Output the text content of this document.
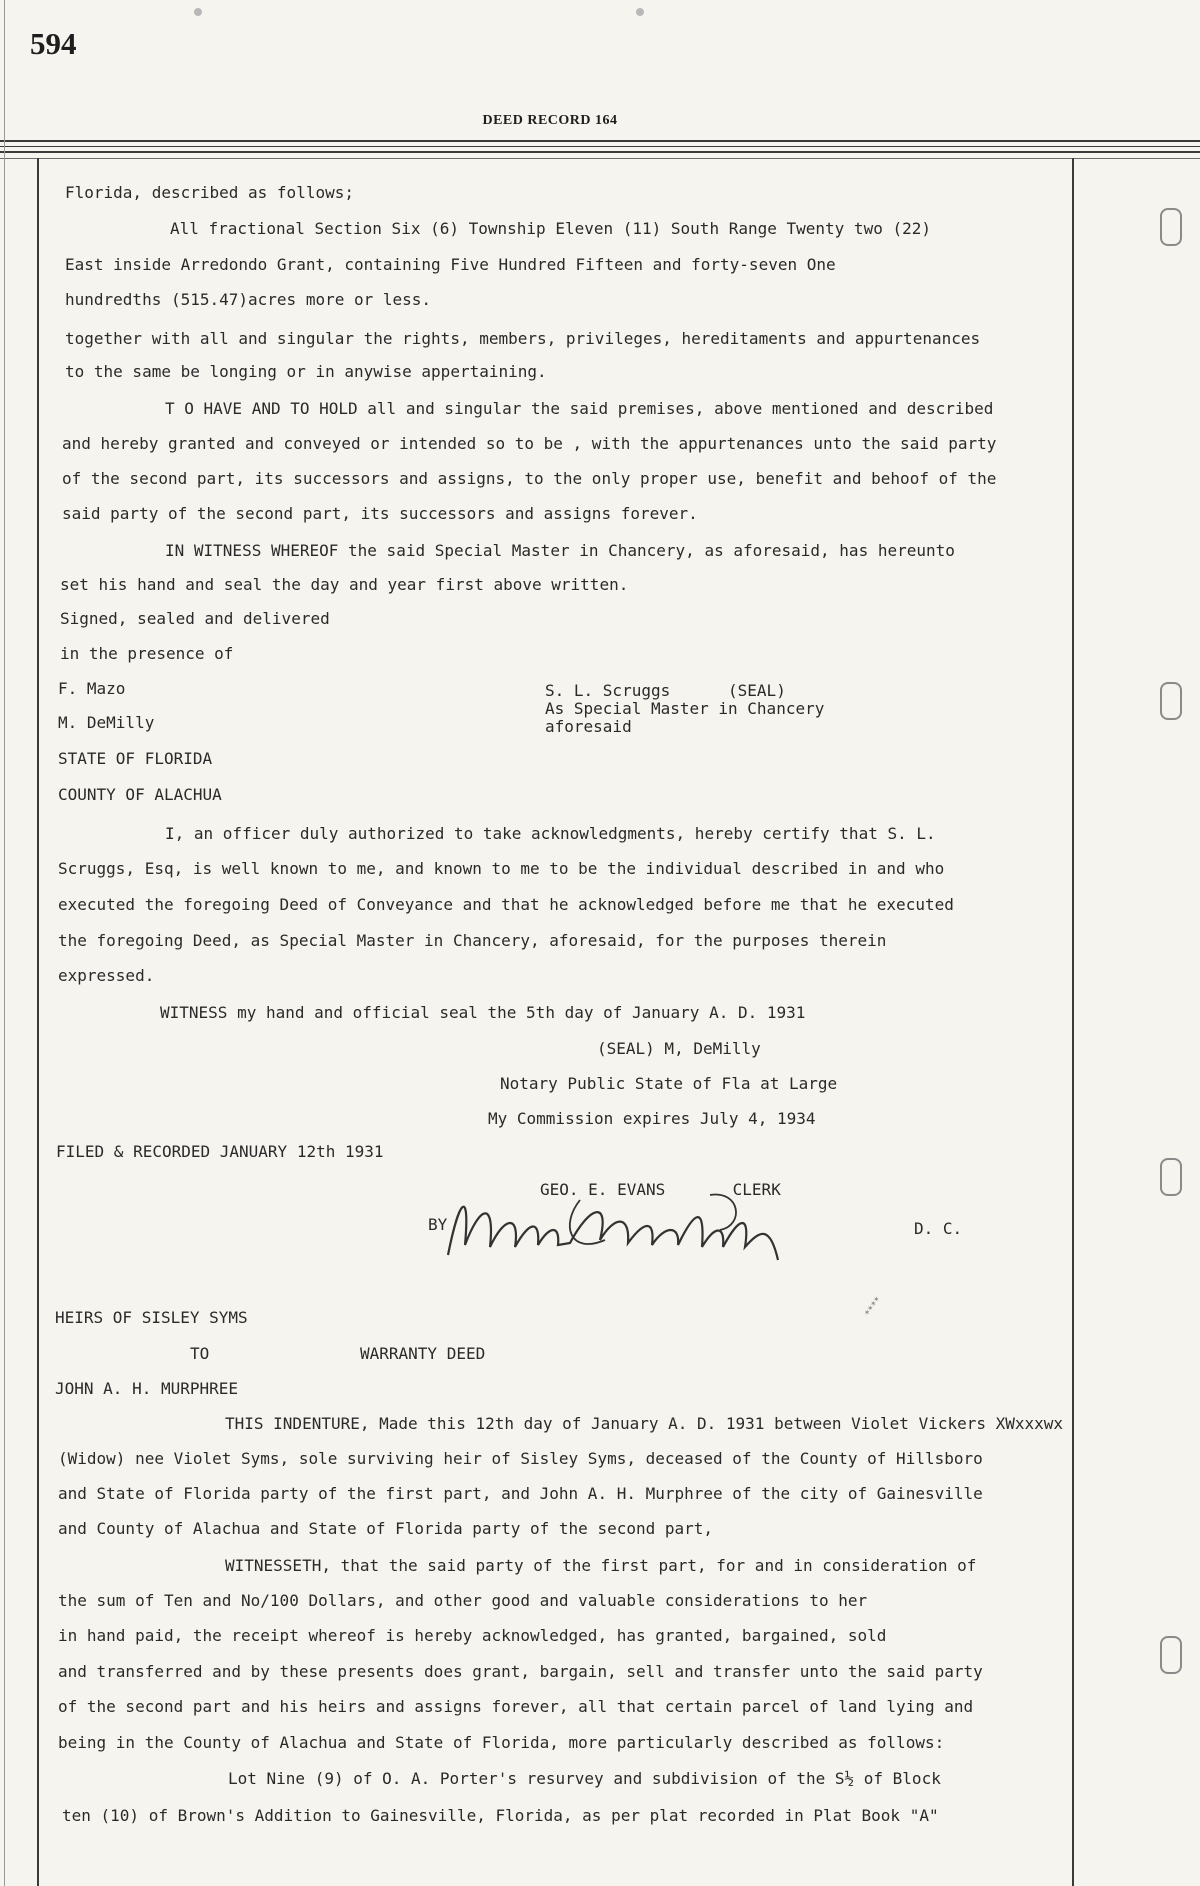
594
DEED RECORD 164
Florida, described as follows;
All fractional Section Six (6) Township Eleven (11) South Range Twenty two (22)
East inside Arredondo Grant, containing Five Hundred Fifteen and forty-seven One
hundredths (515.47)acres more or less.
together with all and singular the rights, members, privileges, hereditaments and appurtenances
to the same be longing or in anywise appertaining.
T O HAVE AND TO HOLD all and singular the said premises, above mentioned and described
and hereby granted and conveyed or intended so to be , with the appurtenances unto the said party
of the second part, its successors and assigns, to the only proper use, benefit and behoof of the
said party of the second part, its successors and assigns forever.
IN WITNESS WHEREOF the said Special Master in Chancery, as aforesaid, has hereunto
set his hand and seal the day and year first above written.
Signed, sealed and delivered
in the presence of
F. Mazo	S. L. Scruggs      (SEAL)
As Special Master in Chancery
aforesaid
M. DeMilly
STATE OF FLORIDA
COUNTY OF ALACHUA
I, an officer duly authorized to take acknowledgments, hereby certify that S. L.
Scruggs, Esq, is well known to me, and known to me to be the individual described in and who
executed the foregoing Deed of Conveyance and that he acknowledged before me that he executed
the foregoing Deed, as Special Master in Chancery, aforesaid, for the purposes therein
expressed.
WITNESS my hand and official seal the 5th day of January A. D. 1931
(SEAL) M, DeMilly
Notary Public State of Fla at Large
My Commission expires July 4, 1934
FILED & RECORDED JANUARY 12th 1931
GEO. E. EVANS       CLERK
BY	D. C.
HEIRS OF SISLEY SYMS
TO	WARRANTY DEED
JOHN A. H. MURPHREE
THIS INDENTURE, Made this 12th day of January A. D. 1931 between Violet Vickers XWxxxwx
(Widow) nee Violet Syms, sole surviving heir of Sisley Syms, deceased of the County of Hillsboro
and State of Florida party of the first part, and John A. H. Murphree of the city of Gainesville
and County of Alachua and State of Florida party of the second part,
WITNESSETH, that the said party of the first part, for and in consideration of
the sum of Ten and No/100 Dollars, and other good and valuable considerations to her
in hand paid, the receipt whereof is hereby acknowledged, has granted, bargained, sold
and transferred and by these presents does grant, bargain, sell and transfer unto the said party
of the second part and his heirs and assigns forever, all that certain parcel of land lying and
being in the County of Alachua and State of Florida, more particularly described as follows:
Lot Nine (9) of O. A. Porter's resurvey and subdivision of the S½ of Block
ten (10) of Brown's Addition to Gainesville, Florida, as per plat recorded in Plat Book "A"
✶✶✶✶
